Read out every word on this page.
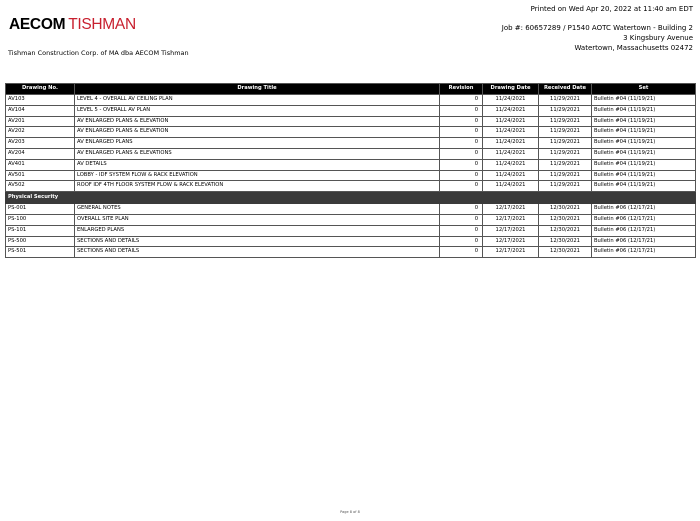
AECOM TISHMAN
Printed on Wed Apr 20, 2022 at 11:40 am EDT
Job #: 60657289 / P1540 AOTC Watertown - Building 2
3 Kingsbury Avenue
Watertown, Massachusetts 02472
Tishman Construction Corp. of MA dba AECOM Tishman
Drawing No.	Drawing Title	Revision	Drawing Date	Received Date	Set
AV103	LEVEL 4 - OVERALL AV CEILING PLAN	0	11/24/2021	11/29/2021	Bulletin #04 (11/19/21)
AV104	LEVEL 5 - OVERALL AV PLAN	0	11/24/2021	11/29/2021	Bulletin #04 (11/19/21)
AV201	AV ENLARGED PLANS & ELEVATION	0	11/24/2021	11/29/2021	Bulletin #04 (11/19/21)
AV202	AV ENLARGED PLANS & ELEVATION	0	11/24/2021	11/29/2021	Bulletin #04 (11/19/21)
AV203	AV ENLARGED PLANS	0	11/24/2021	11/29/2021	Bulletin #04 (11/19/21)
AV204	AV ENLARGED PLANS & ELEVATIONS	0	11/24/2021	11/29/2021	Bulletin #04 (11/19/21)
AV401	AV DETAILS	0	11/24/2021	11/29/2021	Bulletin #04 (11/19/21)
AV501	LOBBY - IDF SYSTEM FLOW & RACK ELEVATION	0	11/24/2021	11/29/2021	Bulletin #04 (11/19/21)
AV502	ROOF IDF 4TH FLOOR SYSTEM FLOW & RACK ELEVATION	0	11/24/2021	11/29/2021	Bulletin #04 (11/19/21)
Physical Security					
PS-001	GENERAL NOTES	0	12/17/2021	12/30/2021	Bulletin #06 (12/17/21)
PS-100	OVERALL SITE PLAN	0	12/17/2021	12/30/2021	Bulletin #06 (12/17/21)
PS-101	ENLARGED PLANS	0	12/17/2021	12/30/2021	Bulletin #06 (12/17/21)
PS-500	SECTIONS AND DETAILS	0	12/17/2021	12/30/2021	Bulletin #06 (12/17/21)
PS-501	SECTIONS AND DETAILS	0	12/17/2021	12/30/2021	Bulletin #06 (12/17/21)
Page 8 of 8
